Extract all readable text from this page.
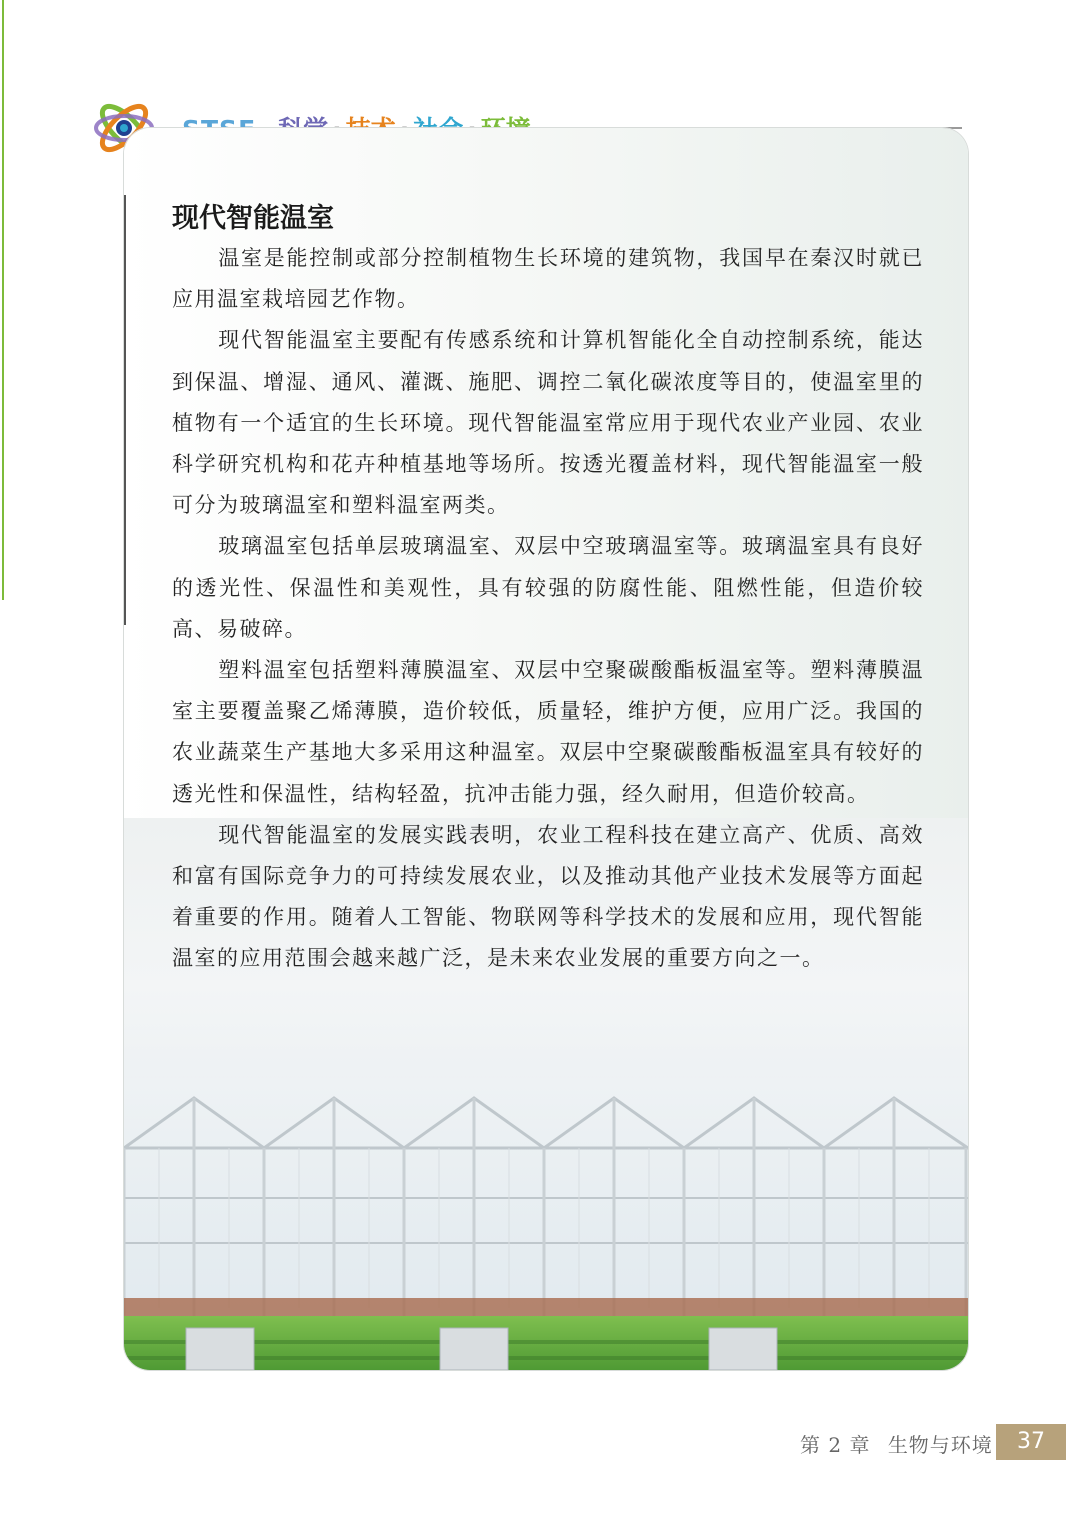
现代智能温室

温室是能控制或部分控制植物生长环境的建筑物，我国早在秦汉时就已应用温室栽培园艺作物。

现代智能温室主要配有传感系统和计算机智能化全自动控制系统，能达到保温、增湿、通风、灌溉、施肥、调控二氧化碳浓度等目的，使温室里的植物有一个适宜的生长环境。现代智能温室常应用于现代农业产业园、农业科学研究机构和花卉种植基地等场所。按透光覆盖材料，现代智能温室一般可分为玻璃温室和塑料温室两类。

玻璃温室包括单层玻璃温室、双层中空玻璃温室等。玻璃温室具有良好的透光性、保温性和美观性，具有较强的防腐性能、阻燃性能，但造价较高、易破碎。

塑料温室包括塑料薄膜温室、双层中空聚碳酸酯板温室等。塑料薄膜温室主要覆盖聚乙烯薄膜，造价较低，质量轻，维护方便，应用广泛。我国的农业蔬菜生产基地大多采用这种温室。双层中空聚碳酸酯板温室具有较好的透光性和保温性，结构轻盈，抗冲击能力强，经久耐用，但造价较高。

现代智能温室的发展实践表明，农业工程科技在建立高产、优质、高效和富有国际竞争力的可持续发展农业，以及推动其他产业技术发展等方面起着重要的作用。随着人工智能、物联网等科学技术的发展和应用，现代智能温室的应用范围会越来越广泛，是未来农业发展的重要方向之一。

第 2 章 生物与环境	37
